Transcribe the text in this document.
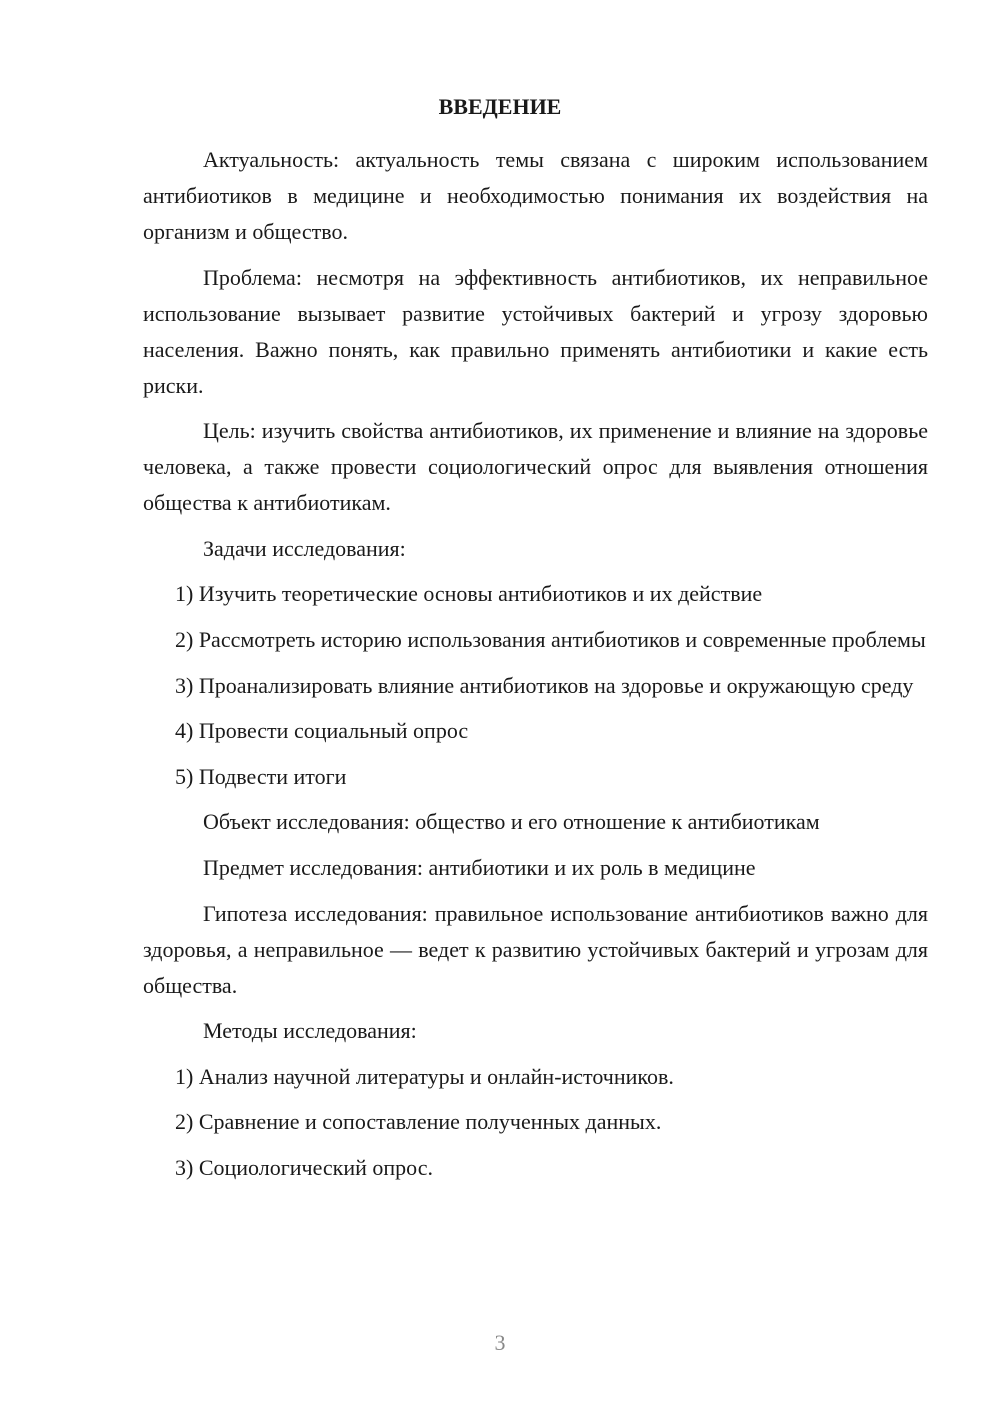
ВВЕДЕНИЕ

Актуальность: актуальность темы связана с широким использованием антибиотиков в медицине и необходимостью понимания их воздействия на организм и общество.

Проблема: несмотря на эффективность антибиотиков, их неправильное использование вызывает развитие устойчивых бактерий и угрозу здоровью населения. Важно понять, как правильно применять антибиотики и какие есть риски.

Цель: изучить свойства антибиотиков, их применение и влияние на здоровье человека, а также провести социологический опрос для выявления отношения общества к антибиотикам.

Задачи исследования:

1) Изучить теоретические основы антибиотиков и их действие

2) Рассмотреть историю использования антибиотиков и современные проблемы

3) Проанализировать влияние антибиотиков на здоровье и окружающую среду

4) Провести социальный опрос

5) Подвести итоги

Объект исследования: общество и его отношение к антибиотикам

Предмет исследования: антибиотики и их роль в медицине

Гипотеза исследования: правильное использование антибиотиков важно для здоровья, а неправильное — ведет к развитию устойчивых бактерий и угрозам для общества.

Методы исследования:

1) Анализ научной литературы и онлайн-источников.

2) Сравнение и сопоставление полученных данных.

3) Социологический опрос.

3
